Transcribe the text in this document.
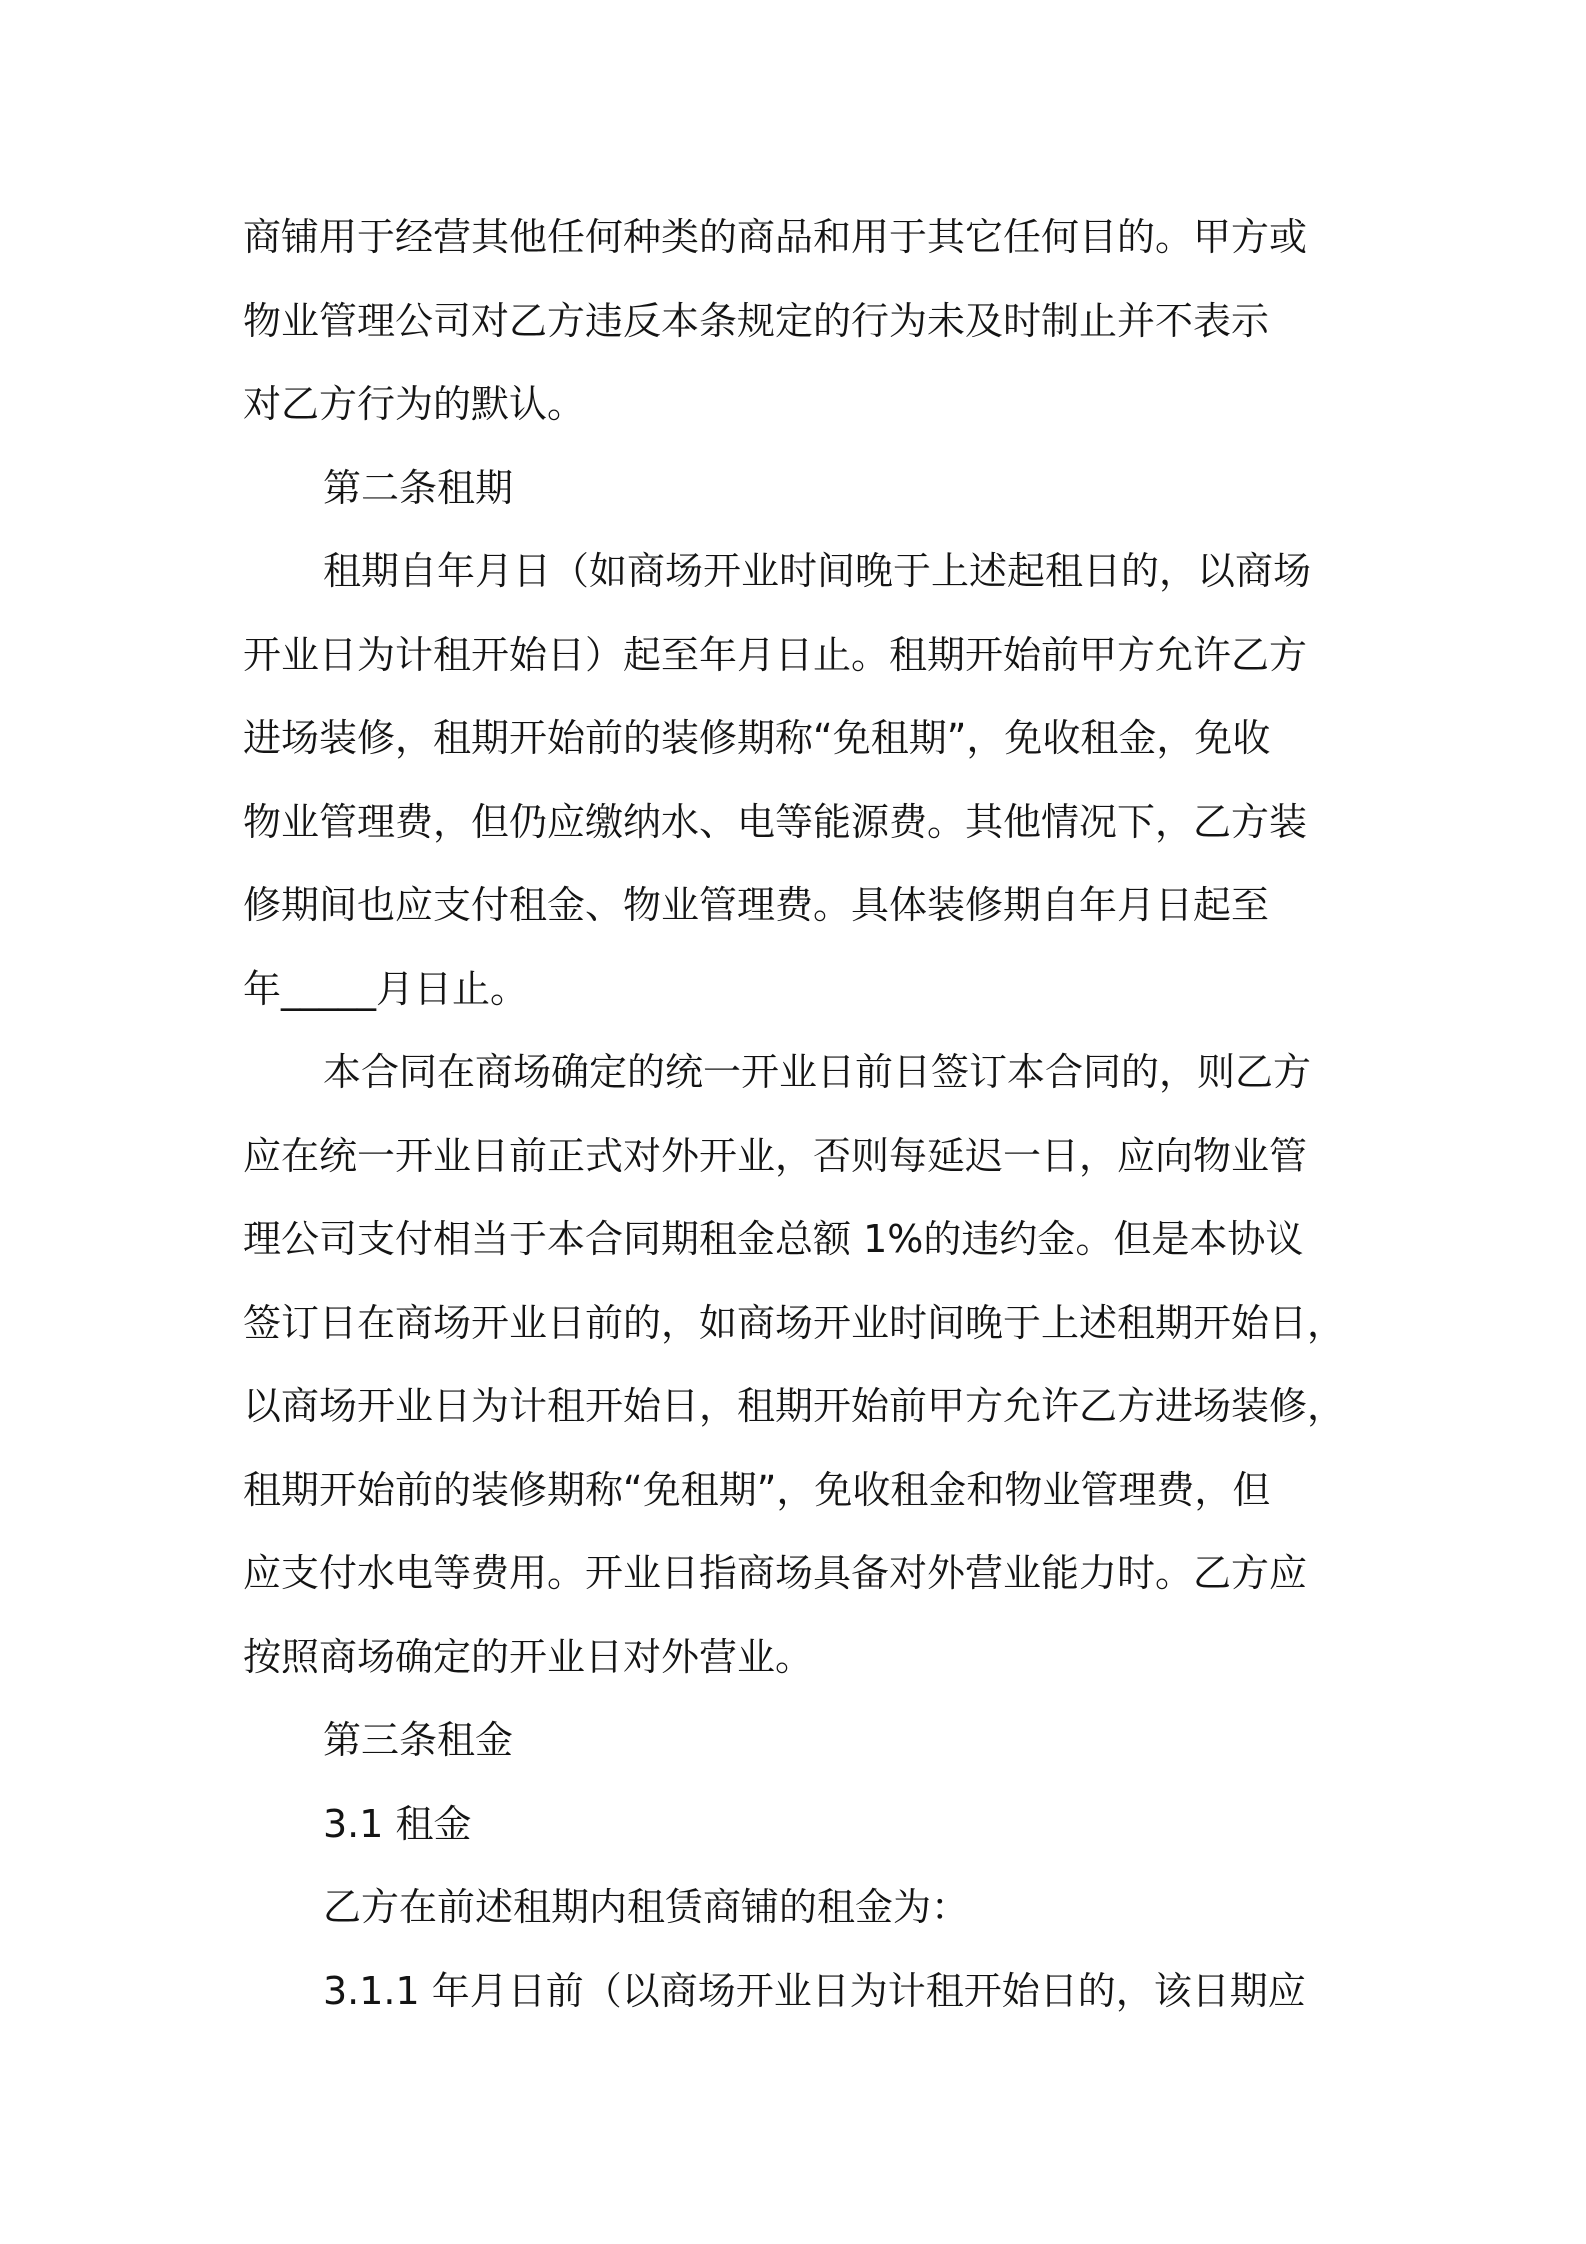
商铺用于经营其他任何种类的商品和用于其它任何目的。甲方或
物业管理公司对乙方违反本条规定的行为未及时制止并不表示
对乙方行为的默认。
第二条租期
租期自年月日（如商场开业时间晚于上述起租日的，以商场
开业日为计租开始日）起至年月日止。租期开始前甲方允许乙方
进场装修，租期开始前的装修期称“免租期”，免收租金，免收
物业管理费，但仍应缴纳水、电等能源费。其他情况下，乙方装
修期间也应支付租金、物业管理费。具体装修期自年月日起至
年_____月日止。
本合同在商场确定的统一开业日前日签订本合同的，则乙方
应在统一开业日前正式对外开业，否则每延迟一日，应向物业管
理公司支付相当于本合同期租金总额 1%的违约金。但是本协议
签订日在商场开业日前的，如商场开业时间晚于上述租期开始日，
以商场开业日为计租开始日，租期开始前甲方允许乙方进场装修，
租期开始前的装修期称“免租期”，免收租金和物业管理费，但
应支付水电等费用。开业日指商场具备对外营业能力时。乙方应
按照商场确定的开业日对外营业。
第三条租金
3.1 租金
乙方在前述租期内租赁商铺的租金为：
3.1.1 年月日前（以商场开业日为计租开始日的，该日期应
